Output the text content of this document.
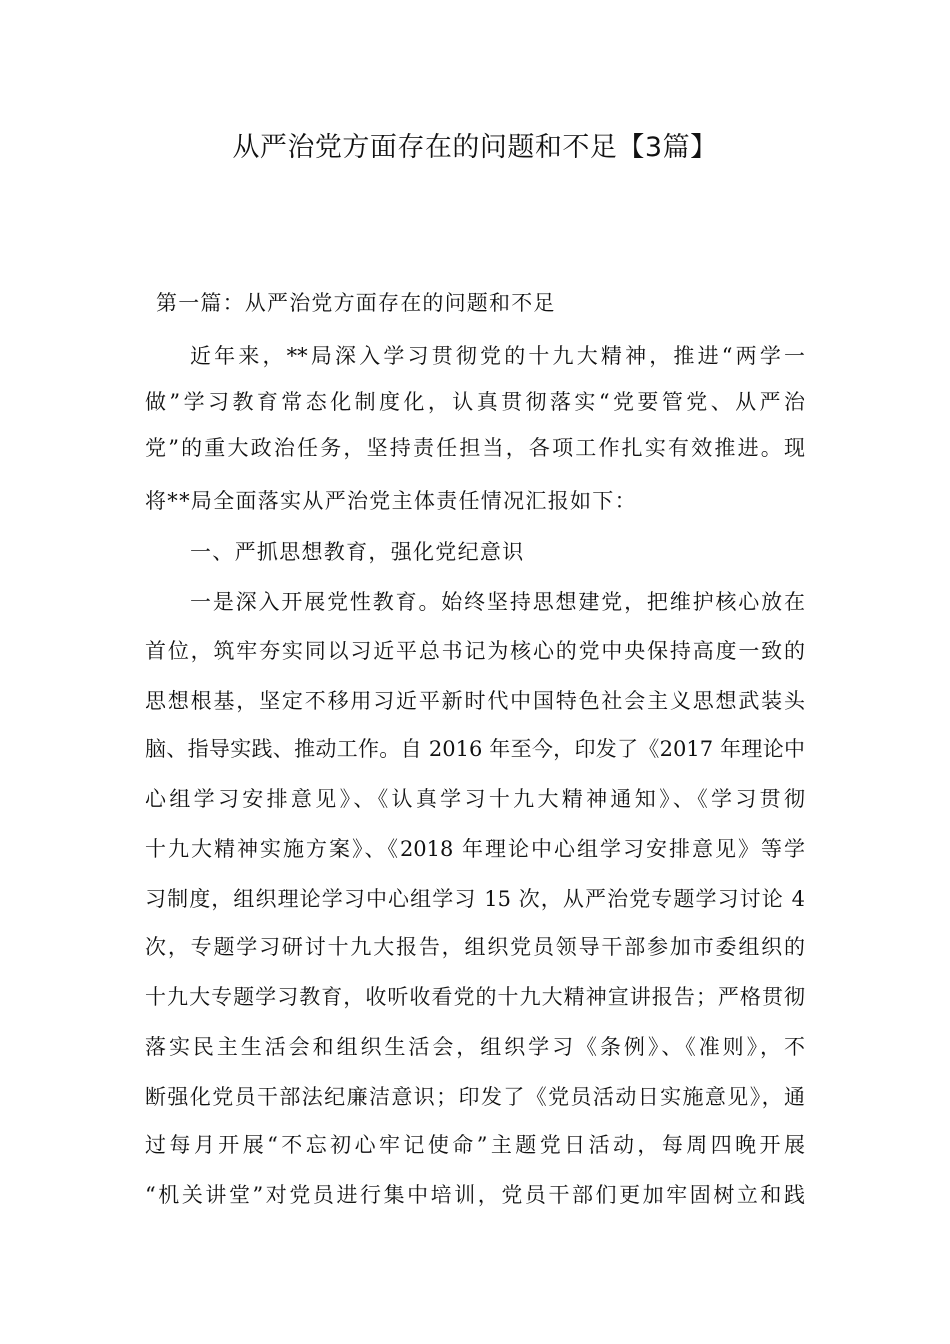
从严治党方面存在的问题和不足【3篇】
第一篇：从严治党方面存在的问题和不足
近年来，**局深入学习贯彻党的十九大精神，推进“两学一
做”学习教育常态化制度化，认真贯彻落实“党要管党、从严治
党”的重大政治任务，坚持责任担当，各项工作扎实有效推进。现
将**局全面落实从严治党主体责任情况汇报如下：
一、严抓思想教育，强化党纪意识
一是深入开展党性教育。始终坚持思想建党，把维护核心放在
首位，筑牢夯实同以习近平总书记为核心的党中央保持高度一致的
思想根基，坚定不移用习近平新时代中国特色社会主义思想武装头
脑、指导实践、推动工作。自 2016 年至今，印发了《2017 年理论中
心组学习安排意见》、《认真学习十九大精神通知》、《学习贯彻
十九大精神实施方案》、《2018 年理论中心组学习安排意见》等学
习制度，组织理论学习中心组学习 15 次，从严治党专题学习讨论 4
次，专题学习研讨十九大报告，组织党员领导干部参加市委组织的
十九大专题学习教育，收听收看党的十九大精神宣讲报告；严格贯彻
落实民主生活会和组织生活会，组织学习《条例》、《准则》，不
断强化党员干部法纪廉洁意识；印发了《党员活动日实施意见》，通
过每月开展“不忘初心牢记使命”主题党日活动，每周四晚开展
“机关讲堂”对党员进行集中培训，党员干部们更加牢固树立和践
